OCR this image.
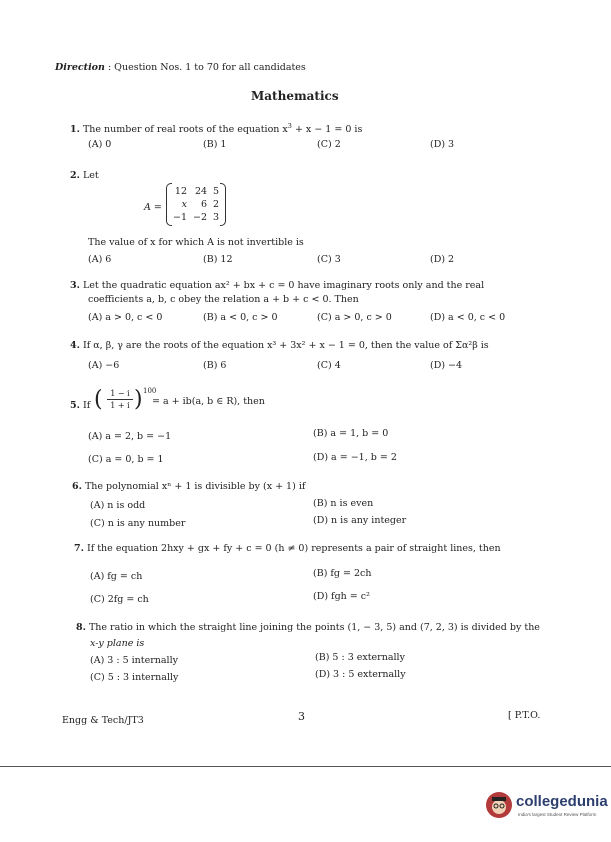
Direction : Question Nos. 1 to 70 for all candidates
Mathematics
1. The number of real roots of the equation $x^3 + x - 1 = 0$ is
(A) 0	(B) 1	(C) 2	(D) 3
2. Let
A =
12	24	5
x	6	2
−1	−2	3
The value of x for which A is not invertible is
(A) 6	(B) 12	(C) 3	(D) 2
3. Let the quadratic equation ax² + bx + c = 0 have imaginary roots only and the real
coefficients a, b, c obey the relation a + b + c < 0. Then
(A) a > 0, c < 0	(B) a < 0, c > 0	(C) a > 0, c > 0	(D) a < 0, c < 0
4. If α, β, γ are the roots of the equation x³ + 3x² + x − 1 = 0, then the value of Σα²β is
(A) −6	(B) 6	(C) 4	(D) −4
5. If ( 1 − i
1 + i ) 100
= a + ib(a, b ∈ R), then
(A) a = 2, b = −1	(B) a = 1, b = 0
(C) a = 0, b = 1	(D) a = −1, b = 2
6. The polynomial xⁿ + 1 is divisible by (x + 1) if
(A) n is odd	(B) n is even
(C) n is any number	(D) n is any integer
7. If the equation 2hxy + gx + fy + c = 0 (h ≠ 0) represents a pair of straight lines, then
(A) fg = ch	(B) fg = 2ch
(C) 2fg = ch	(D) fgh = c²
8. The ratio in which the straight line joining the points (1, − 3, 5) and (7, 2, 3) is divided by the
x-y plane is
(A) 3 : 5 internally	(B) 5 : 3 externally
(C) 5 : 3 internally	(D) 3 : 5 externally
Engg & Tech/JT3	3	[ P.T.O.
collegedunia
India's largest Student Review Platform
